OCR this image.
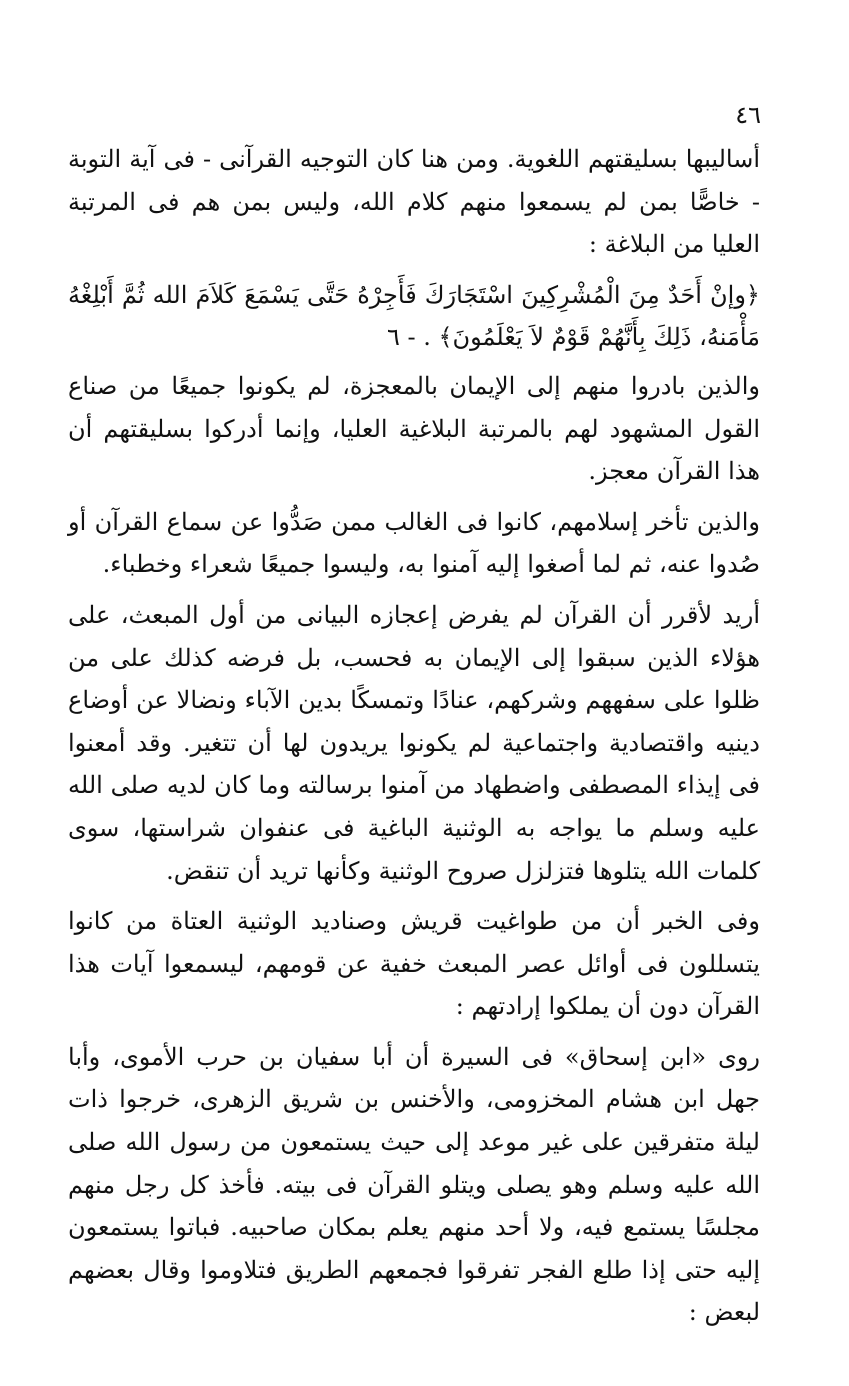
٤٦

أساليبها بسليقتهم اللغوية. ومن هنا كان التوجيه القرآنى - فى آية التوبة - خاصًّا بمن لم يسمعوا منهم كلام الله، وليس بمن هم فى المرتبة العليا من البلاغة :

﴿وإنْ أَحَدٌ مِنَ الْمُشْرِكِينَ اسْتَجَارَكَ فَأَجِرْهُ حَتَّى يَسْمَعَ كَلاَمَ الله ثُمَّ أَبْلِغْهُ مَأْمَنهُ، ذَلِكَ بِأَنَّهُمْ قَوْمٌ لاَ يَعْلَمُونَ﴾ . - ٦

والذين بادروا منهم إلى الإيمان بالمعجزة، لم يكونوا جميعًا من صناع القول المشهود لهم بالمرتبة البلاغية العليا، وإنما أدركوا بسليقتهم أن هذا القرآن معجز.

والذين تأخر إسلامهم، كانوا فى الغالب ممن صَدُّوا عن سماع القرآن أو صُدوا عنه، ثم لما أصغوا إليه آمنوا به، وليسوا جميعًا شعراء وخطباء.

أريد لأقرر أن القرآن لم يفرض إعجازه البيانى من أول المبعث، على هؤلاء الذين سبقوا إلى الإيمان به فحسب، بل فرضه كذلك على من ظلوا على سفههم وشركهم، عنادًا وتمسكًا بدين الآباء ونضالا عن أوضاع دينيه واقتصادية واجتماعية لم يكونوا يريدون لها أن تتغير. وقد أمعنوا فى إيذاء المصطفى واضطهاد من آمنوا برسالته وما كان لديه صلى الله عليه وسلم ما يواجه به الوثنية الباغية فى عنفوان شراستها، سوى كلمات الله يتلوها فتزلزل صروح الوثنية وكأنها تريد أن تنقض.

وفى الخبر أن من طواغيت قريش وصناديد الوثنية العتاة من كانوا يتسللون فى أوائل عصر المبعث خفية عن قومهم، ليسمعوا آيات هذا القرآن دون أن يملكوا إرادتهم :

روى «ابن إسحاق» فى السيرة أن أبا سفيان بن حرب الأموى، وأبا جهل ابن هشام المخزومى، والأخنس بن شريق الزهرى، خرجوا ذات ليلة متفرقين على غير موعد إلى حيث يستمعون من رسول الله صلى الله عليه وسلم وهو يصلى ويتلو القرآن فى بيته. فأخذ كل رجل منهم مجلسًا يستمع فيه، ولا أحد منهم يعلم بمكان صاحبيه. فباتوا يستمعون إليه حتى إذا طلع الفجر تفرقوا فجمعهم الطريق فتلاوموا وقال بعضهم لبعض :
